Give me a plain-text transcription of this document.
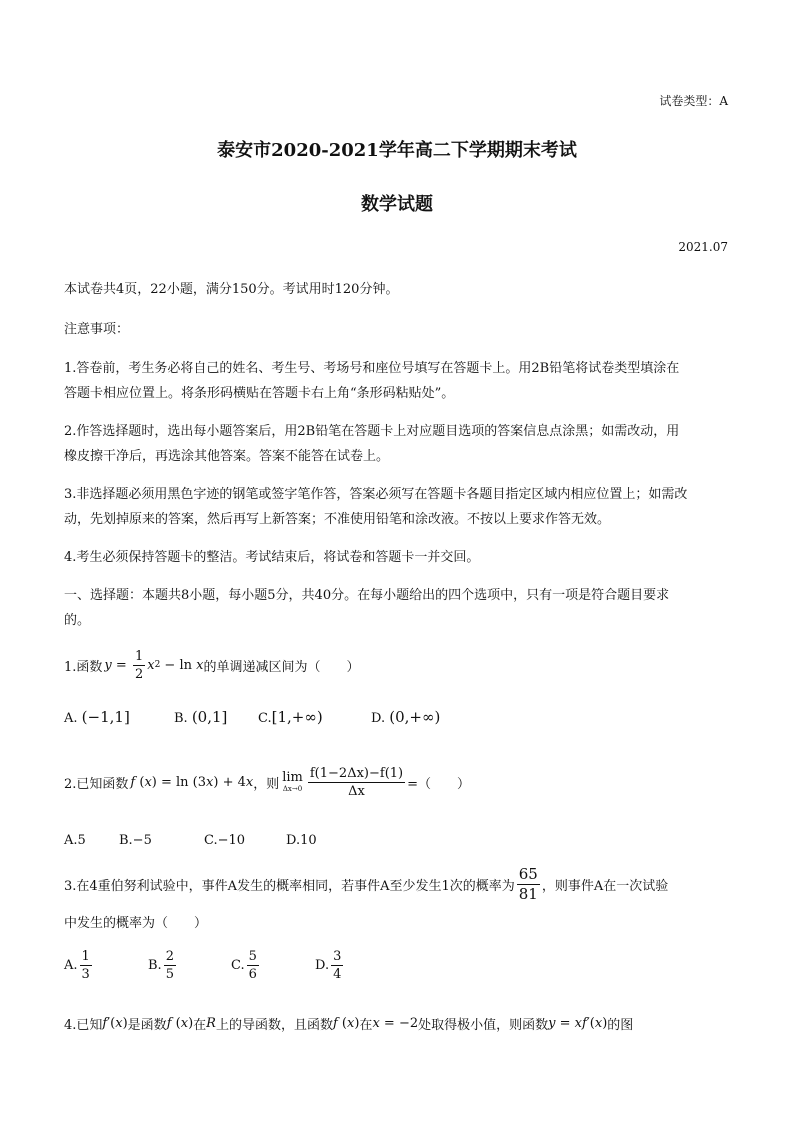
试卷类型：A
泰安市2020-2021学年高二下学期期末考试
数学试题
2021.07
本试卷共4页，22小题，满分150分。考试用时120分钟。
注意事项：
1.答卷前，考生务必将自己的姓名、考生号、考场号和座位号填写在答题卡上。用2B铅笔将试卷类型填涂在
答题卡相应位置上。将条形码横贴在答题卡右上角“条形码粘贴处”。
2.作答选择题时，选出每小题答案后，用2B铅笔在答题卡上对应题目选项的答案信息点涂黑；如需改动，用
橡皮擦干净后，再选涂其他答案。答案不能答在试卷上。
3.非选择题必须用黑色字迹的钢笔或签字笔作答，答案必须写在答题卡各题目指定区域内相应位置上；如需改
动，先划掉原来的答案，然后再写上新答案；不准使用铅笔和涂改液。不按以上要求作答无效。
4.考生必须保持答题卡的整洁。考试结束后，将试卷和答题卡一并交回。
一、选择题：本题共8小题，每小题5分，共40分。在每小题给出的四个选项中，只有一项是符合题目要求
的。
1.函数 $y = \frac{1}{2}$ x 2 − ln x 的单调递减区间为（　　）
A. (−1,1]	B. (0,1] C.[1,+∞)	D. (0,+∞)
2.已知函数 f (x) = ln (3x) + 4x ，则 lim
$\Delta x\to 0 \frac{f(1-2\Delta x)-f(1)}{\Delta x}$ =（　　）
A.5	B.−5	C.−10	D.10
3.在4重伯努利试验中，事件A发生的概率相同，若事件A至少发生1次的概率为 $\frac{65}{81}$ ，则事件A在一次试验
中发生的概率为（　　）
A. $\frac{1}{3}$	B. $\frac{2}{5}$	C. $\frac{5}{6}$	D. $\frac{3}{4}$
4.已知 f′(x) 是函数 f (x) 在 R 上的导函数，且函数 f (x) 在 x = −2 处取得极小值，则函数 y = xf′(x) 的图
